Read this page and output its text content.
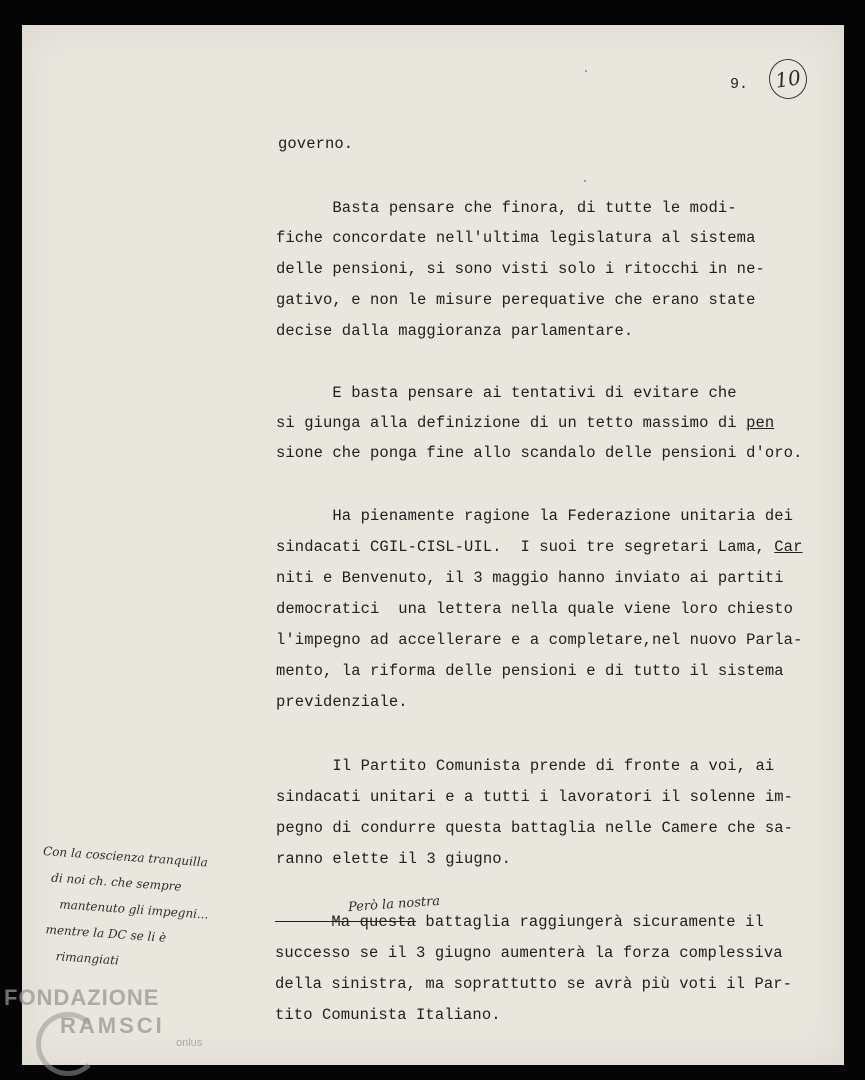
9.	10
governo.
Basta pensare che finora, di tutte le modi-
fiche concordate nell'ultima legislatura al sistema
delle pensioni, si sono visti solo i ritocchi in ne-
gativo, e non le misure perequative che erano state
decise dalla maggioranza parlamentare.
E basta pensare ai tentativi di evitare che
si giunga alla definizione di un tetto massimo di pen
sione che ponga fine allo scandalo delle pensioni d'oro.
Ha pienamente ragione la Federazione unitaria dei
sindacati CGIL-CISL-UIL.  I suoi tre segretari Lama, Car
niti e Benvenuto, il 3 maggio hanno inviato ai partiti
democratici  una lettera nella quale viene loro chiesto
l'impegno ad accellerare e a completare,nel nuovo Parla-
mento, la riforma delle pensioni e di tutto il sistema
previdenziale.
Il Partito Comunista prende di fronte a voi, ai
sindacati unitari e a tutti i lavoratori il solenne im-
pegno di condurre questa battaglia nelle Camere che sa-
ranno elette il 3 giugno.
Ma questa battaglia raggiungerà sicuramente il
successo se il 3 giugno aumenterà la forza complessiva
della sinistra, ma soprattutto se avrà più voti il Par-
tito Comunista Italiano.
Però la nostra
Con la coscienza tranquilla
di noi ch. che sempre
mantenuto gli impegni...
mentre la DC se li è
rimangiati
FONDAZIONE
RAMSCI
onlus
